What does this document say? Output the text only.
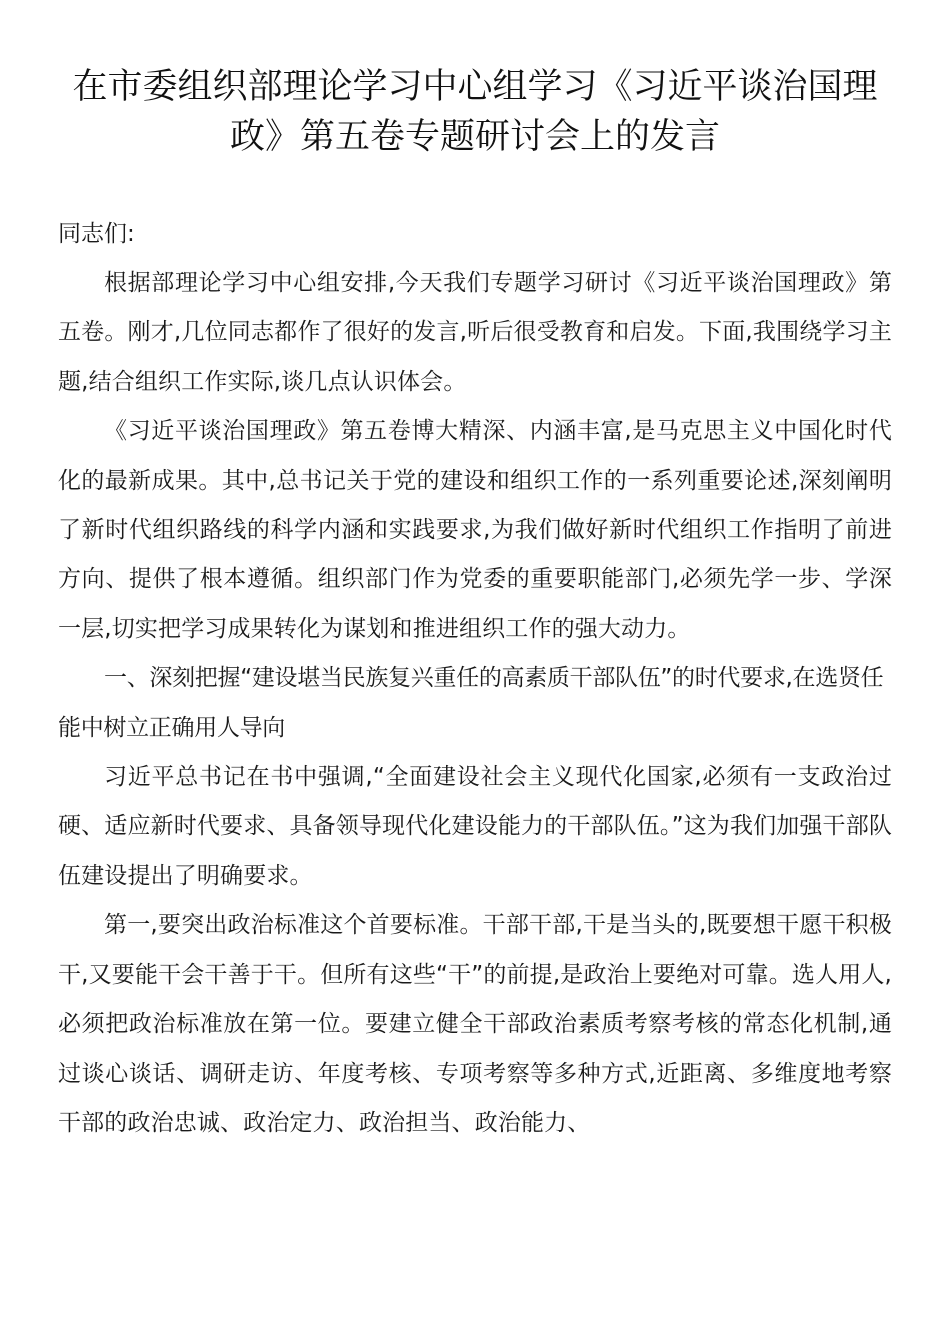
在市委组织部理论学习中心组学习《习近平谈治国理
政》第五卷专题研讨会上的发言

同志们:

根据部理论学习中心组安排,今天我们专题学习研讨《习近平谈治国理政》第五卷。刚才,几位同志都作了很好的发言,听后很受教育和启发。下面,我围绕学习主题,结合组织工作实际,谈几点认识体会。

《习近平谈治国理政》第五卷博大精深、内涵丰富,是马克思主义中国化时代化的最新成果。其中,总书记关于党的建设和组织工作的一系列重要论述,深刻阐明了新时代组织路线的科学内涵和实践要求,为我们做好新时代组织工作指明了前进方向、提供了根本遵循。组织部门作为党委的重要职能部门,必须先学一步、学深一层,切实把学习成果转化为谋划和推进组织工作的强大动力。

一、深刻把握“建设堪当民族复兴重任的高素质干部队伍”的时代要求,在选贤任能中树立正确用人导向

习近平总书记在书中强调,“全面建设社会主义现代化国家,必须有一支政治过硬、适应新时代要求、具备领导现代化建设能力的干部队伍。”这为我们加强干部队伍建设提出了明确要求。

第一,要突出政治标准这个首要标准。干部干部,干是当头的,既要想干愿干积极干,又要能干会干善于干。但所有这些“干”的前提,是政治上要绝对可靠。选人用人,必须把政治标准放在第一位。要建立健全干部政治素质考察考核的常态化机制,通过谈心谈话、调研走访、年度考核、专项考察等多种方式,近距离、多维度地考察干部的政治忠诚、政治定力、政治担当、政治能力、
